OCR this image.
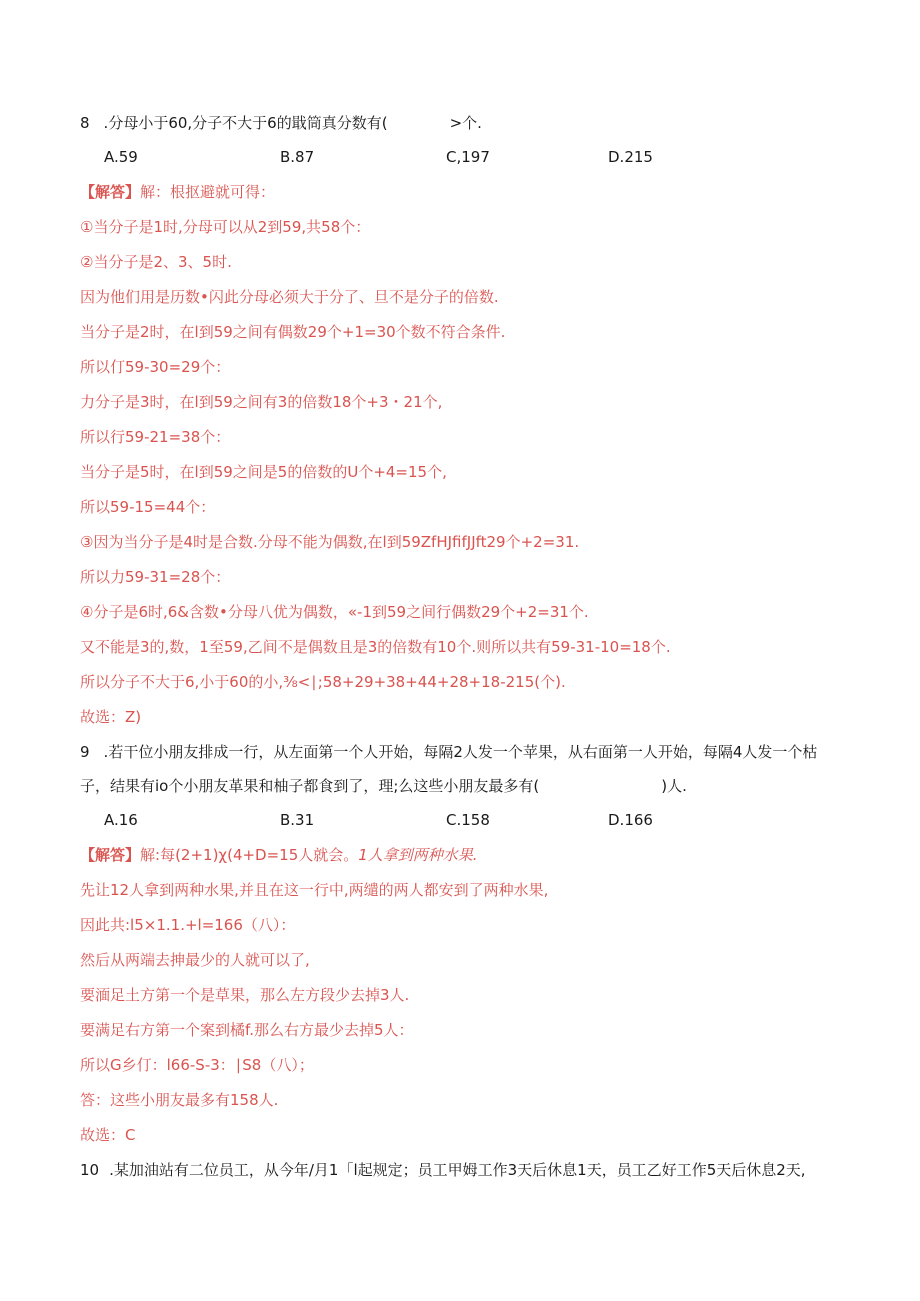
8 .分母小于60,分子不大于6的戢筒真分数有(	>个.
A.59	B.87	C,197	D.215
【解答】解：根抠避就可得：
①当分子是1时,分母可以从2到59,共58个：
②当分子是2、3、5时.
因为他们用是历数•闪此分母必须大于分了、旦不是分子的倍数.
当分子是2时，在l到59之间有偶数29个+1=30个数不符合条件.
所以仃59-30=29个：
力分子是3时，在l到59之间有3的倍数18个+3・21个,
所以行59-21=38个：
当分子是5时，在l到59之间是5的倍数的U个+4=15个,
所以59-15=44个：
③因为当分子是4时是合数.分母不能为偶数,在l到59ZfHJfifJJft29个+2=31.
所以力59-31=28个：
④分子是6时,6&含数•分母八优为偶数，«-1到59之间行偶数29个+2=31个.
又不能是3的,数，1至59,乙间不是偶数且是3的倍数有10个.则所以共有59-31-10=18个.
所以分子不大于6,小于60的小,⅜<∣;58+29+38+44+28+18-215(个).
故选：Z)
9 .若干位小朋友排成一行，从左面第一个人开始，每隔2人发一个苹果，从右面第一人开始，每隔4人发一个枯
子，结果有io个小朋友革果和柚子都食到了，理;么这些小朋友最多有(	)人.
A.16	B.31	C.158	D.166
【解答】解:每(2+1)χ(4+D=15人就会。1人拿到两种水果.
先让12人拿到两种水果,并且在这一行中,两缱的两人都安到了两种水果,
因此共:l5×1.1.+l=166（八）：
然后从两端去抻最少的人就可以了,
要湎足土方第一个是草果，那么左方段少去掉3人.
要满足右方第一个案到橘f.那么右方最少去掉5人：
所以G乡仃：l66-S-3：∣S8（八）；
答：这些小朋友最多有158人.
故选：C
10 .某加油站有二位员工，从今年/月1「l起规定；员工甲姆工作3天后休息1天，员工乙好工作5天后休息2天,
